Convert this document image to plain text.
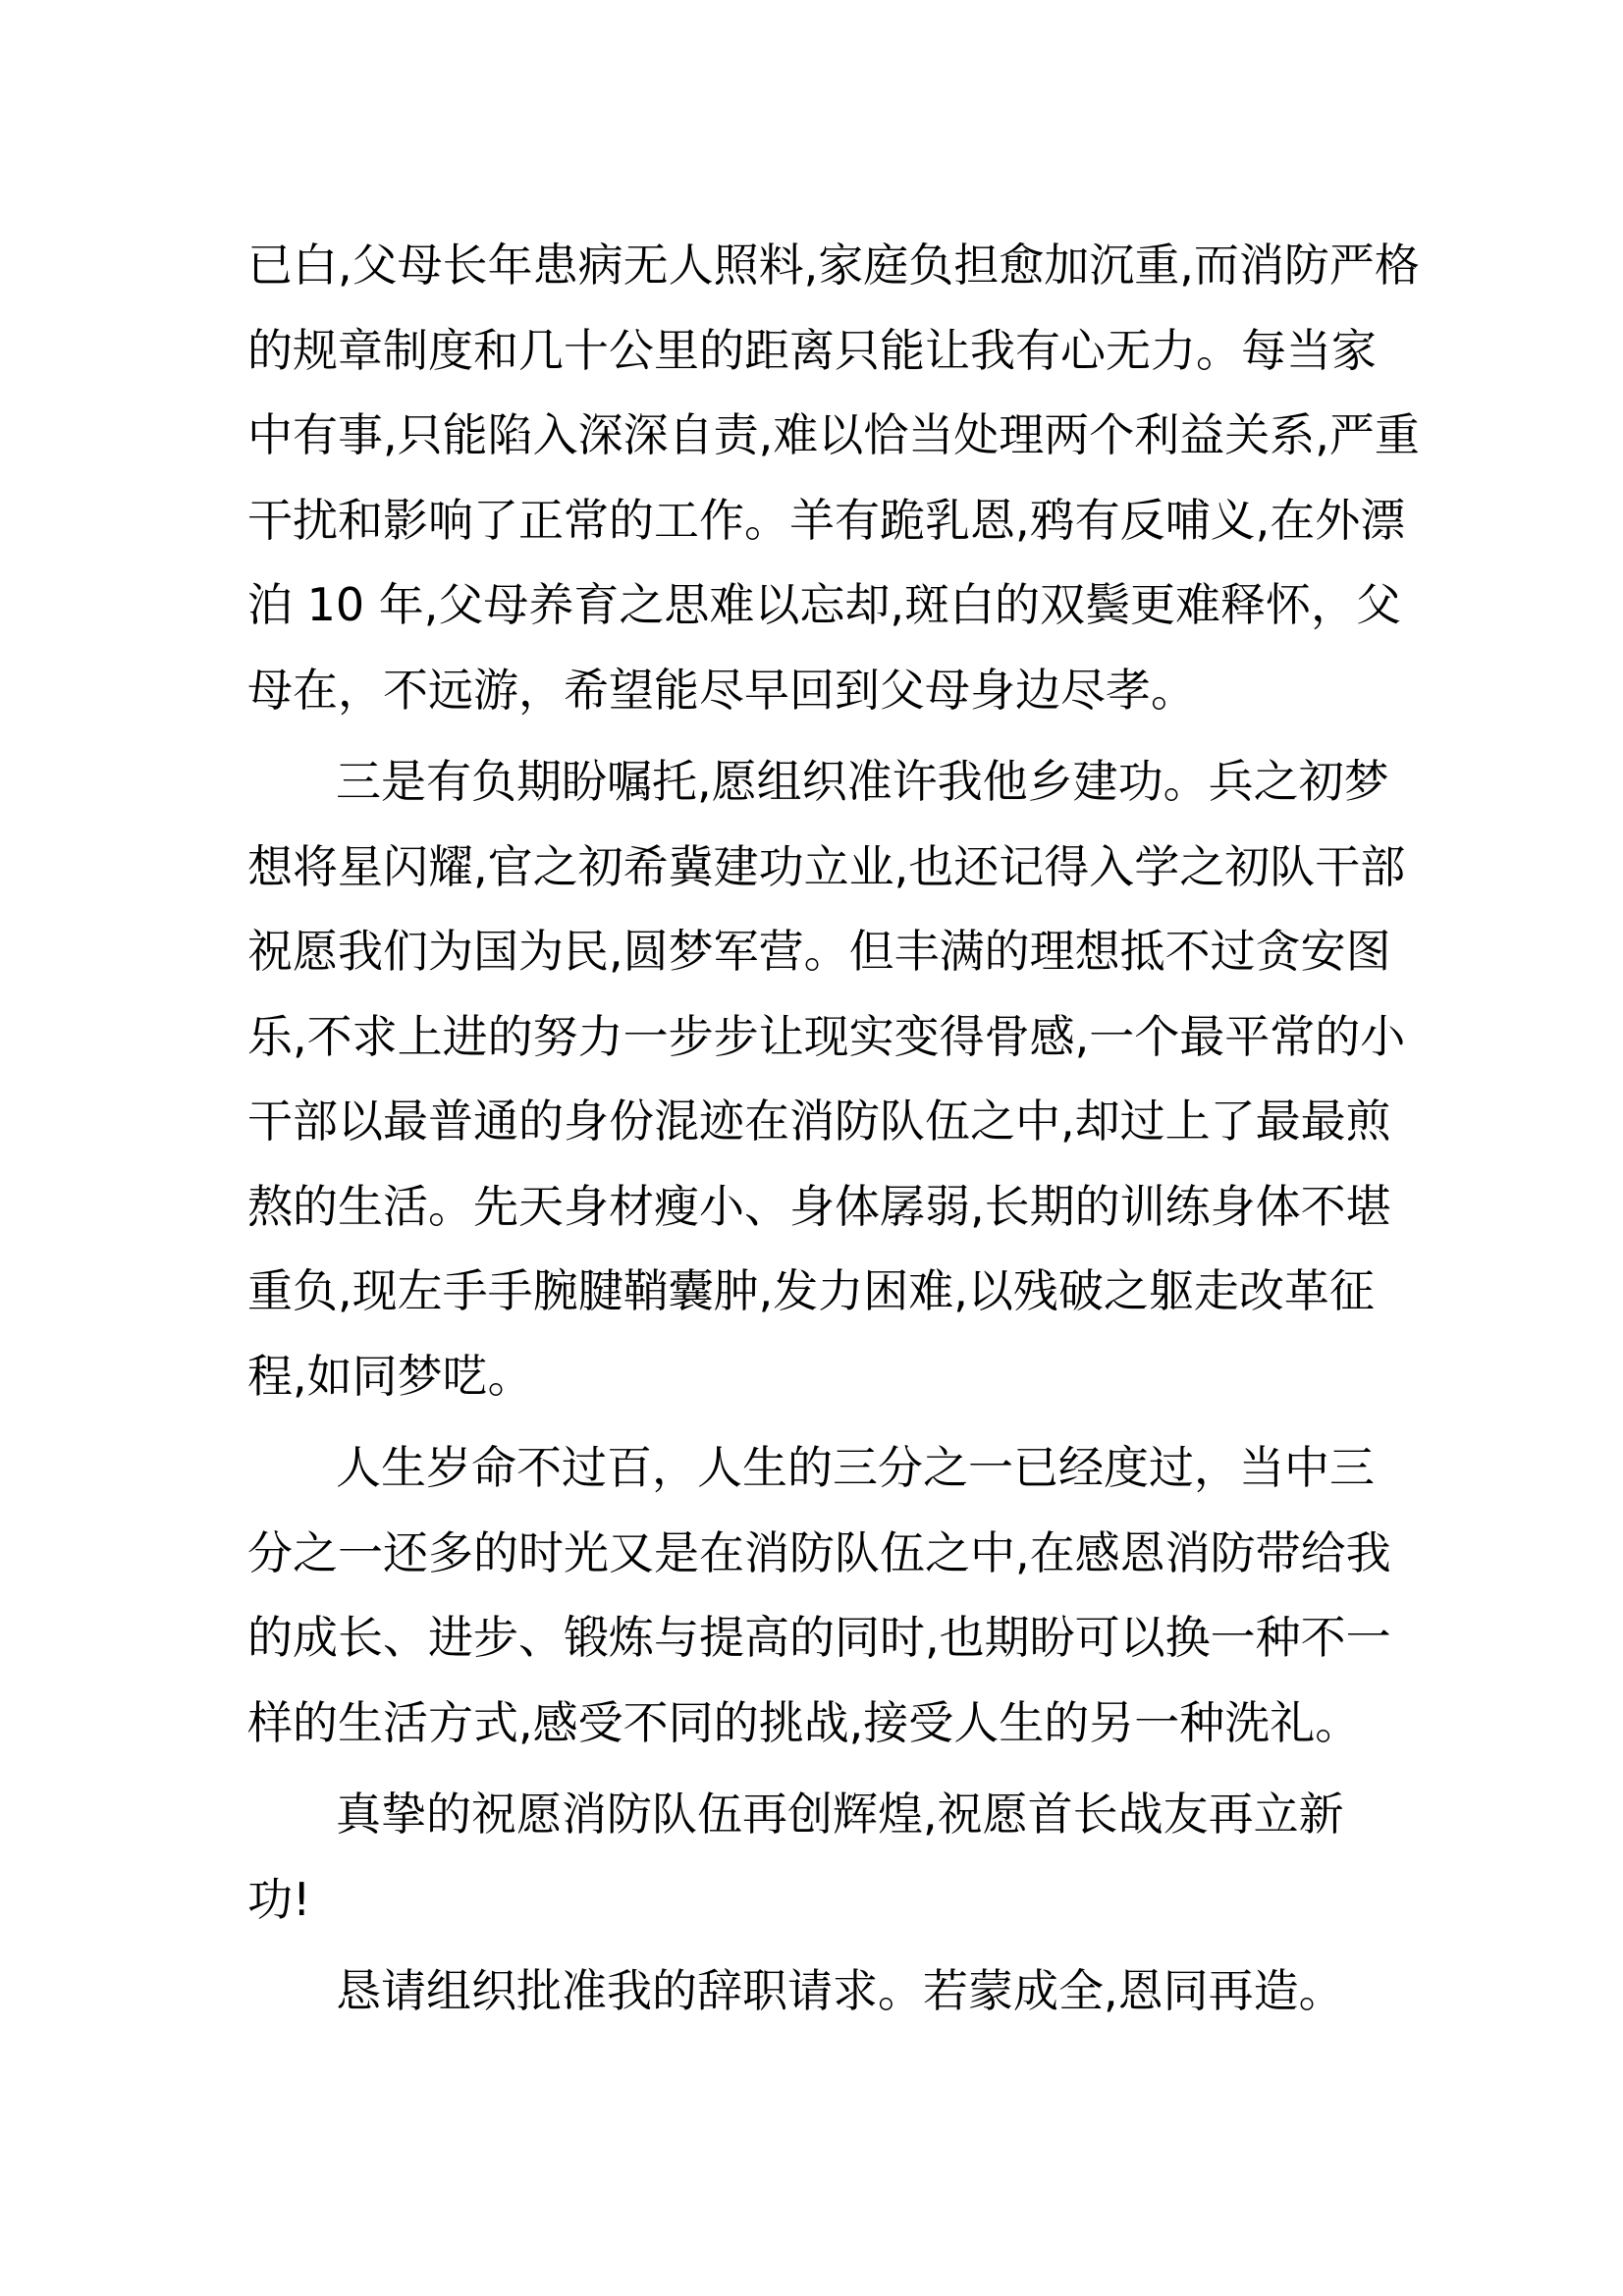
已白,父母长年患病无人照料,家庭负担愈加沉重,而消防严格
的规章制度和几十公里的距离只能让我有心无力。每当家
中有事,只能陷入深深自责,难以恰当处理两个利益关系,严重
干扰和影响了正常的工作。羊有跪乳恩,鸦有反哺义,在外漂
泊 10 年,父母养育之思难以忘却,斑白的双鬓更难释怀，父
母在，不远游，希望能尽早回到父母身边尽孝。
三是有负期盼嘱托,愿组织准许我他乡建功。兵之初梦
想将星闪耀,官之初希冀建功立业,也还记得入学之初队干部
祝愿我们为国为民,圆梦军营。但丰满的理想抵不过贪安图
乐,不求上进的努力一步步让现实变得骨感,一个最平常的小
干部以最普通的身份混迹在消防队伍之中,却过上了最最煎
熬的生活。先天身材瘦小、身体孱弱,长期的训练身体不堪
重负,现左手手腕腱鞘囊肿,发力困难,以残破之躯走改革征
程,如同梦呓。
人生岁命不过百，人生的三分之一已经度过，当中三
分之一还多的时光又是在消防队伍之中,在感恩消防带给我
的成长、进步、锻炼与提高的同时,也期盼可以换一种不一
样的生活方式,感受不同的挑战,接受人生的另一种洗礼。
真挚的祝愿消防队伍再创辉煌,祝愿首长战友再立新
功!
恳请组织批准我的辞职请求。若蒙成全,恩同再造。
